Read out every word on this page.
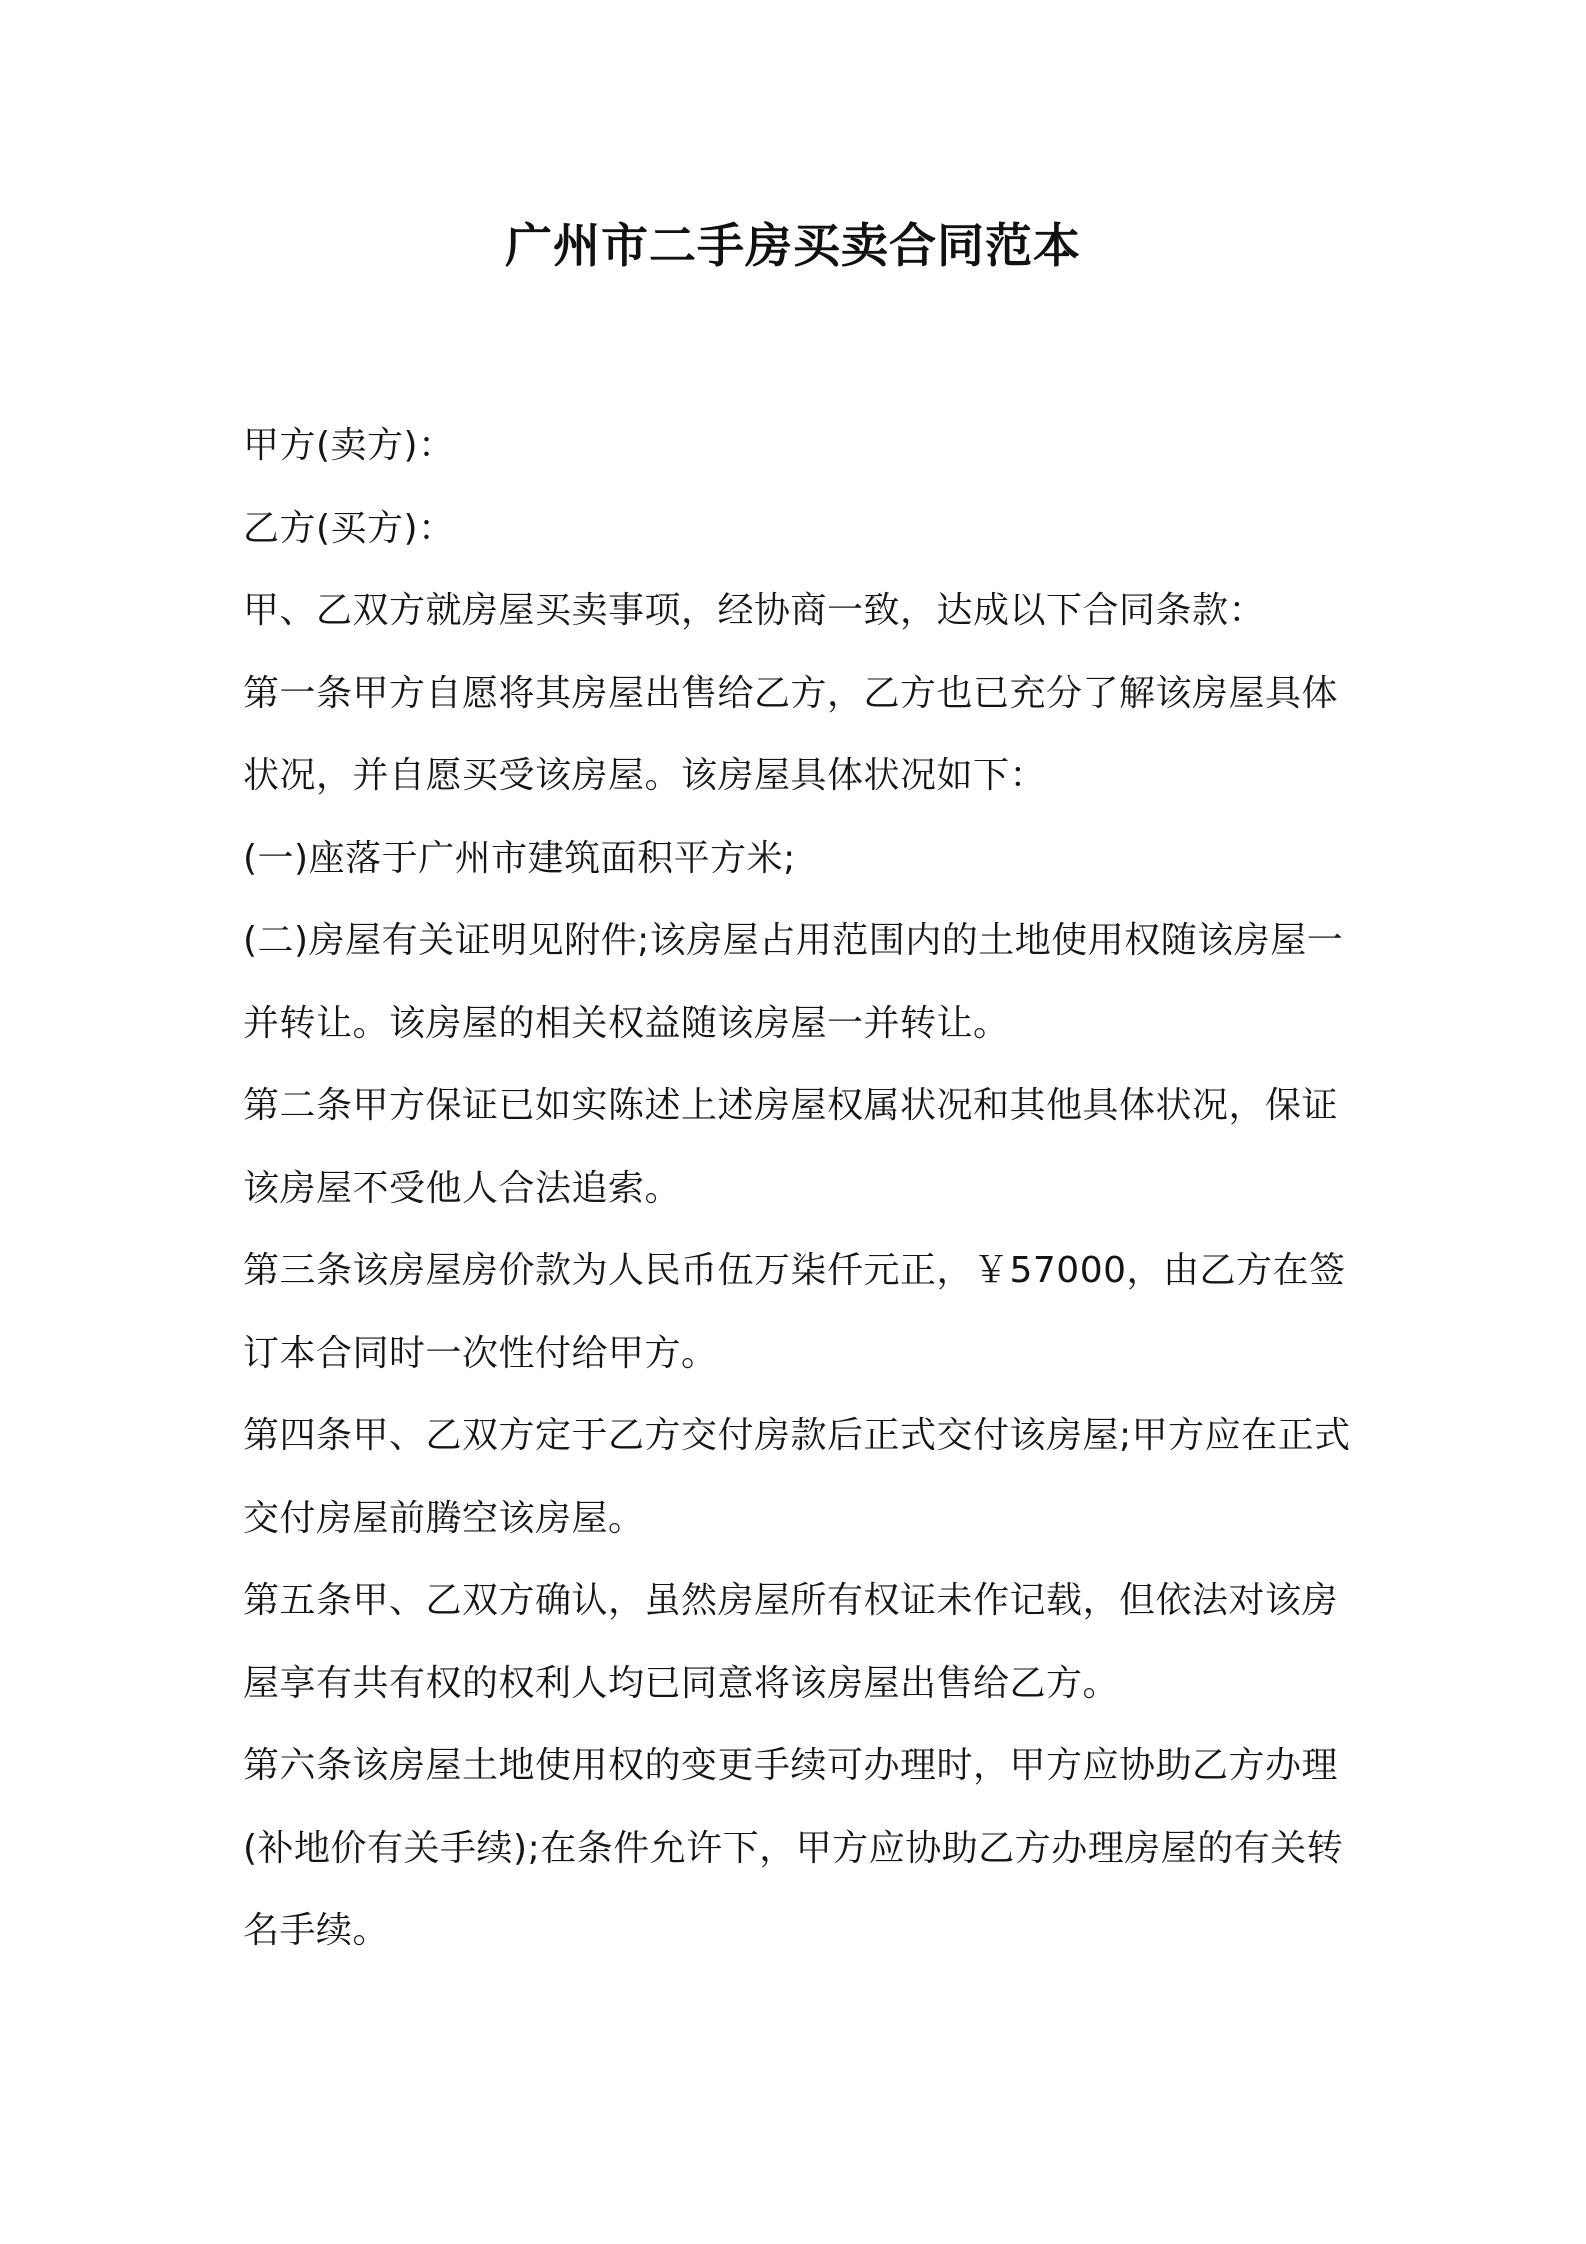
广州市二手房买卖合同范本

甲方(卖方)：

乙方(买方)：

甲、乙双方就房屋买卖事项，经协商一致，达成以下合同条款：

第一条甲方自愿将其房屋出售给乙方，乙方也已充分了解该房屋具体状况，并自愿买受该房屋。该房屋具体状况如下：

(一)座落于广州市建筑面积平方米;

(二)房屋有关证明见附件;该房屋占用范围内的土地使用权随该房屋一并转让。该房屋的相关权益随该房屋一并转让。

第二条甲方保证已如实陈述上述房屋权属状况和其他具体状况，保证该房屋不受他人合法追索。

第三条该房屋房价款为人民币伍万柒仟元正，￥57000，由乙方在签订本合同时一次性付给甲方。

第四条甲、乙双方定于乙方交付房款后正式交付该房屋;甲方应在正式交付房屋前腾空该房屋。

第五条甲、乙双方确认，虽然房屋所有权证未作记载，但依法对该房屋享有共有权的权利人均已同意将该房屋出售给乙方。

第六条该房屋土地使用权的变更手续可办理时，甲方应协助乙方办理(补地价有关手续);在条件允许下，甲方应协助乙方办理房屋的有关转名手续。
